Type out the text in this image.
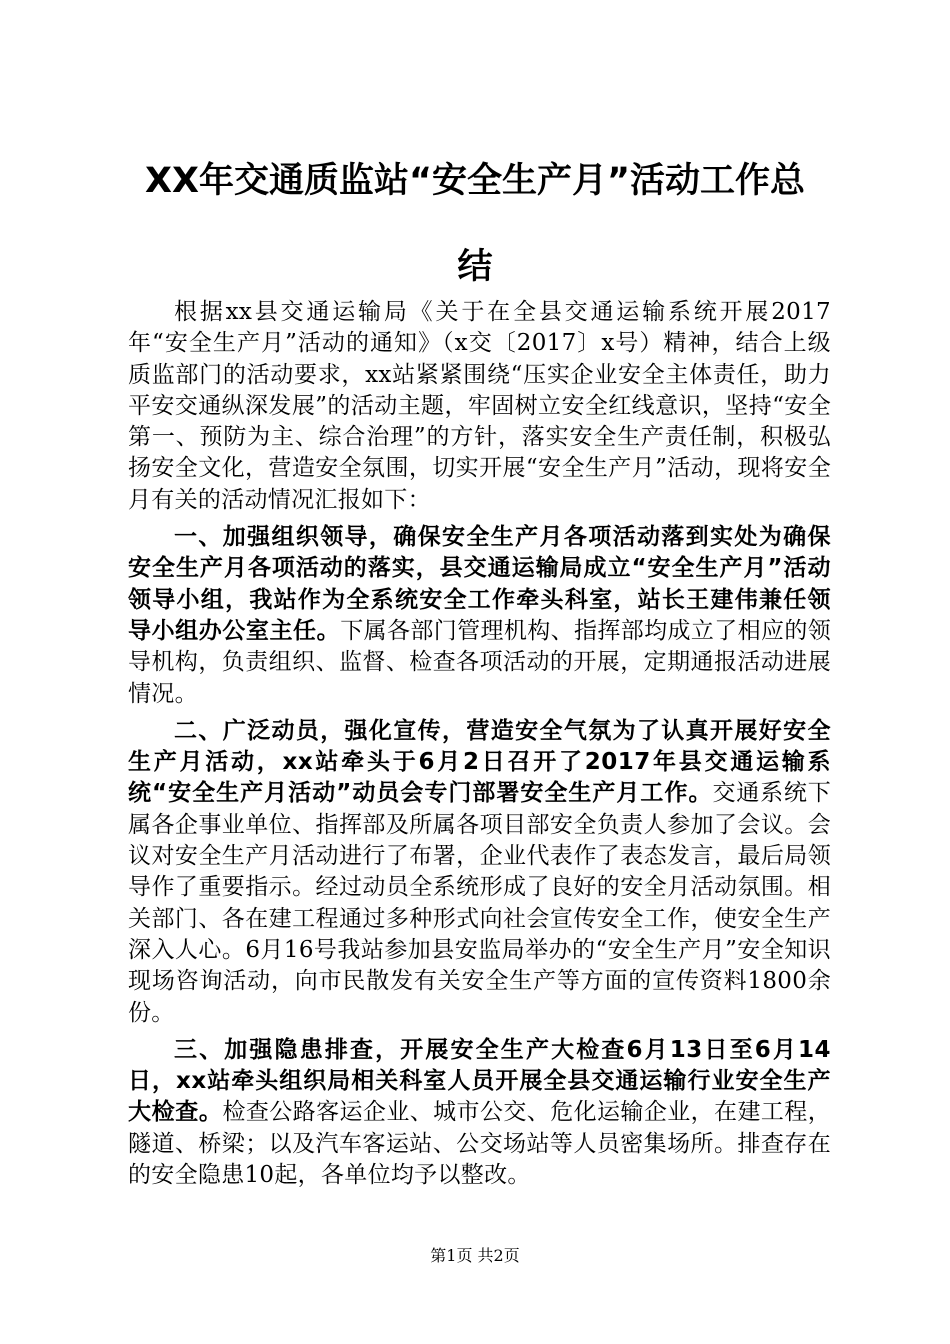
XX年交通质监站“安全生产月”活动工作总
结

根据xx县交通运输局《关于在全县交通运输系统开展2017年“安全生产月”活动的通知》（x交〔2017〕x号）精神，结合上级质监部门的活动要求，xx站紧紧围绕“压实企业安全主体责任，助力平安交通纵深发展”的活动主题，牢固树立安全红线意识，坚持“安全第一、预防为主、综合治理”的方针，落实安全生产责任制，积极弘扬安全文化，营造安全氛围，切实开展“安全生产月”活动，现将安全月有关的活动情况汇报如下：

一、加强组织领导，确保安全生产月各项活动落到实处为确保安全生产月各项活动的落实，县交通运输局成立“安全生产月”活动领导小组，我站作为全系统安全工作牵头科室，站长王建伟兼任领导小组办公室主任。下属各部门管理机构、指挥部均成立了相应的领导机构，负责组织、监督、检查各项活动的开展，定期通报活动进展情况。

二、广泛动员，强化宣传，营造安全气氛为了认真开展好安全生产月活动，xx站牵头于6月2日召开了2017年县交通运输系统“安全生产月活动”动员会专门部署安全生产月工作。交通系统下属各企事业单位、指挥部及所属各项目部安全负责人参加了会议。会议对安全生产月活动进行了布署，企业代表作了表态发言，最后局领导作了重要指示。经过动员全系统形成了良好的安全月活动氛围。相关部门、各在建工程通过多种形式向社会宣传安全工作，使安全生产深入人心。6月16号我站参加县安监局举办的“安全生产月”安全知识现场咨询活动，向市民散发有关安全生产等方面的宣传资料1800余份。

三、加强隐患排查，开展安全生产大检查6月13日至6月14日，xx站牵头组织局相关科室人员开展全县交通运输行业安全生产大检查。检查公路客运企业、城市公交、危化运输企业，在建工程，隧道、桥梁；以及汽车客运站、公交场站等人员密集场所。排查存在的安全隐患10起，各单位均予以整改。

第1页 共2页
